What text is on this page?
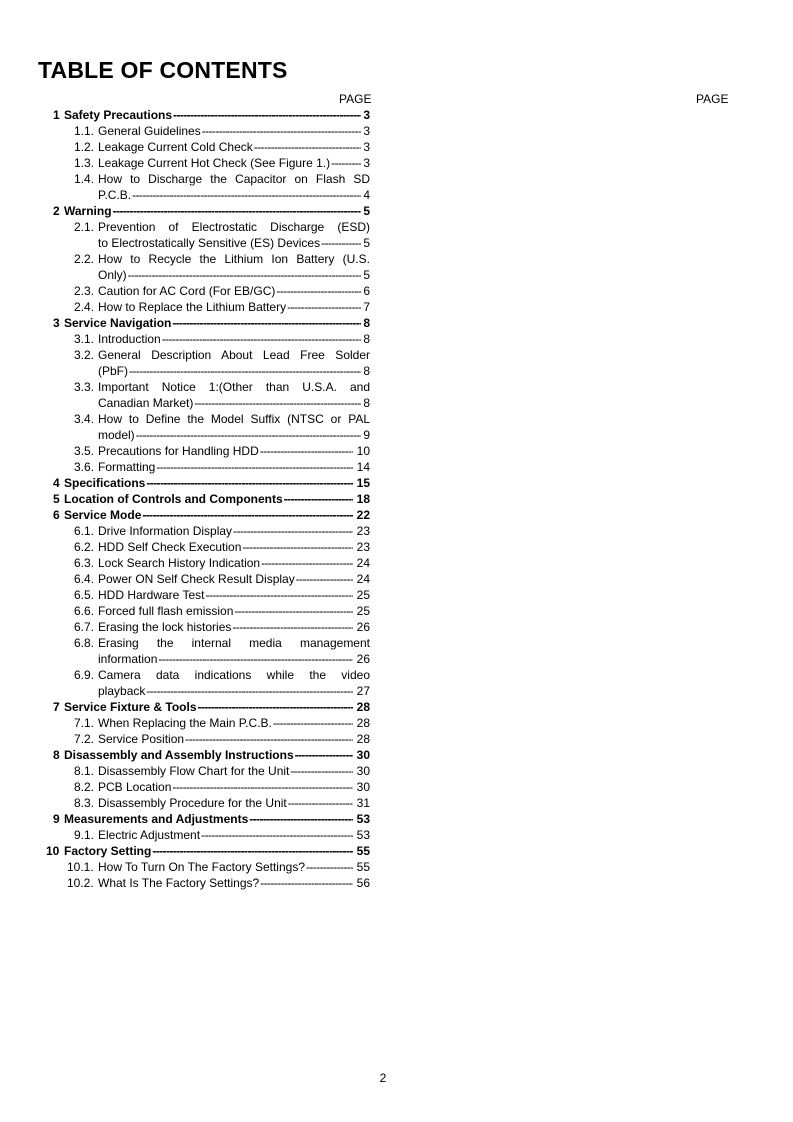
TABLE OF CONTENTS
PAGE	PAGE
1 Safety Precautions -----	3
1.1. General Guidelines -----	3
1.2. Leakage Current Cold Check -----	3
1.3. Leakage Current Hot Check (See Figure 1.) -----	3
1.4. How to Discharge the Capacitor on Flash SD
P.C.B. -----	4
2 Warning -----	5
2.1. Prevention of Electrostatic Discharge (ESD)
to Electrostatically Sensitive (ES) Devices -----	5
2.2. How to Recycle the Lithium Ion Battery (U.S.
Only) -----	5
2.3. Caution for AC Cord (For EB/GC) -----	6
2.4. How to Replace the Lithium Battery -----	7
3 Service Navigation -----	8
3.1. Introduction -----	8
3.2. General Description About Lead Free Solder
(PbF) -----	8
3.3. Important Notice 1:(Other than U.S.A. and
Canadian Market) -----	8
3.4. How to Define the Model Suffix (NTSC or PAL
model) -----	9
3.5. Precautions for Handling HDD -----	10
3.6. Formatting -----	14
4 Specifications -----	15
5 Location of Controls and Components -----	18
6 Service Mode -----	22
6.1. Drive Information Display -----	23
6.2. HDD Self Check Execution -----	23
6.3. Lock Search History Indication -----	24
6.4. Power ON Self Check Result Display -----	24
6.5. HDD Hardware Test -----	25
6.6. Forced full flash emission -----	25
6.7. Erasing the lock histories -----	26
6.8. Erasing the internal media management
information -----	26
6.9. Camera data indications while the video
playback -----	27
7 Service Fixture & Tools -----	28
7.1. When Replacing the Main P.C.B. -----	28
7.2. Service Position -----	28
8 Disassembly and Assembly Instructions -----	30
8.1. Disassembly Flow Chart for the Unit -----	30
8.2. PCB Location -----	30
8.3. Disassembly Procedure for the Unit -----	31
9 Measurements and Adjustments -----	53
9.1. Electric Adjustment -----	53
10 Factory Setting -----	55
10.1. How To Turn On The Factory Settings? -----	55
10.2. What Is The Factory Settings? -----	56
2
